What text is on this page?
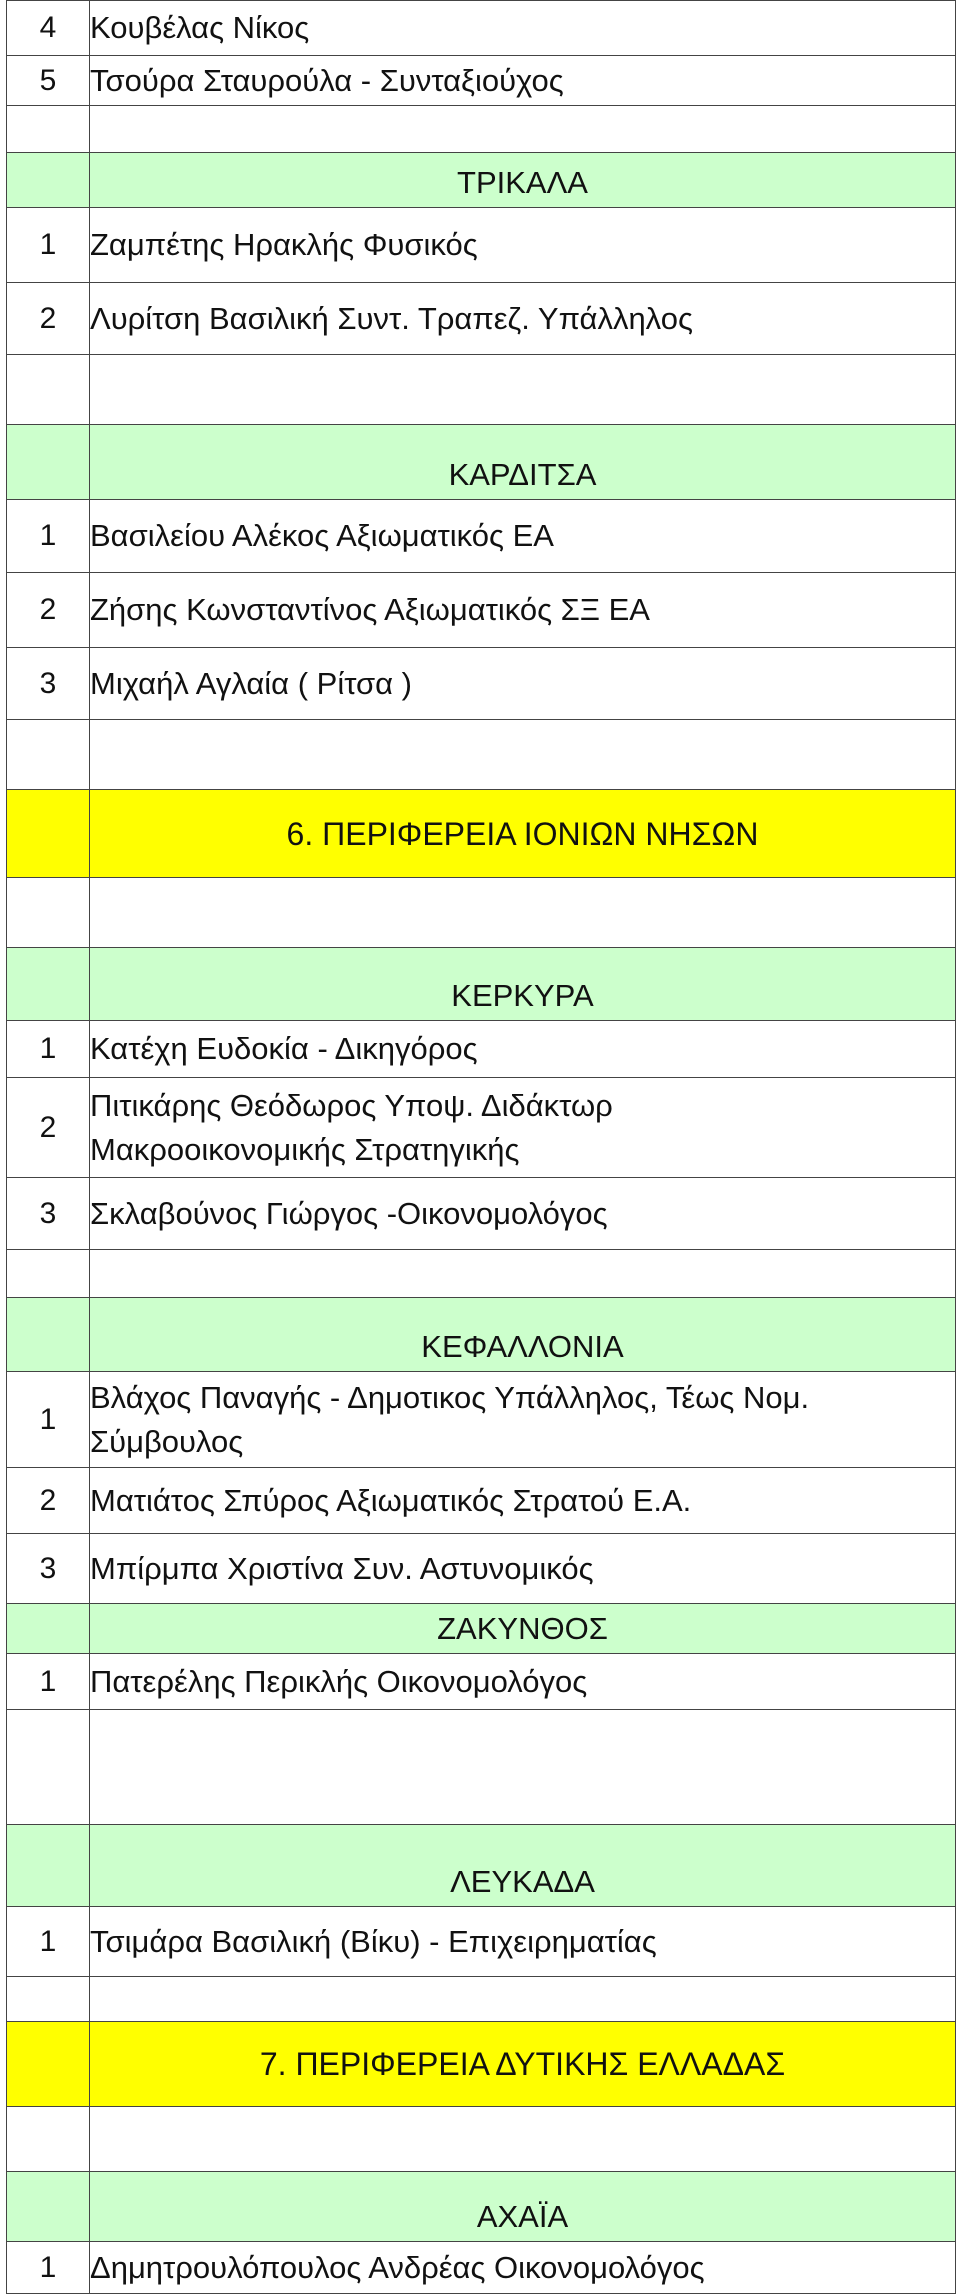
4	Κουβέλας Νίκος
5	Τσούρα Σταυρούλα - Συνταξιούχος

	ΤΡΙΚΑΛΑ
1	Ζαμπέτης Ηρακλής Φυσικός
2	Λυρίτση Βασιλική Συντ. Τραπεζ. Υπάλληλος

	ΚΑΡΔΙΤΣΑ
1	Βασιλείου Αλέκος Αξιωματικός ΕΑ
2	Ζήσης Κωνσταντίνος Αξιωματικός ΣΞ ΕΑ
3	Μιχαήλ Αγλαία ( Ρίτσα )

	6. ΠΕΡΙΦΕΡΕΙΑ ΙΟΝΙΩΝ ΝΗΣΩΝ

	ΚΕΡΚΥΡΑ
1	Κατέχη Ευδοκία - Δικηγόρος
2	Πιτικάρης Θεόδωρος Υποψ. Διδάκτωρ Μακροοικονομικής Στρατηγικής
3	Σκλαβούνος Γιώργος -Οικονομολόγος

	ΚΕΦΑΛΛΟΝΙΑ
1	Βλάχος Παναγής - Δημοτικος Υπάλληλος, Τέως Νομ. Σύμβουλος
2	Ματιάτος Σπύρος Αξιωματικός Στρατού Ε.Α.
3	Μπίρμπα Χριστίνα Συν. Αστυνομικός
	ΖΑΚΥΝΘΟΣ
1	Πατερέλης Περικλής Οικονομολόγος

	ΛΕΥΚΑΔΑ
1	Τσιμάρα Βασιλική (Βίκυ) - Επιχειρηματίας

	7. ΠΕΡΙΦΕΡΕΙΑ ΔΥΤΙΚΗΣ ΕΛΛΑΔΑΣ

	ΑΧΑΪΑ
1	Δημητρουλόπουλος Ανδρέας Οικονομολόγος
